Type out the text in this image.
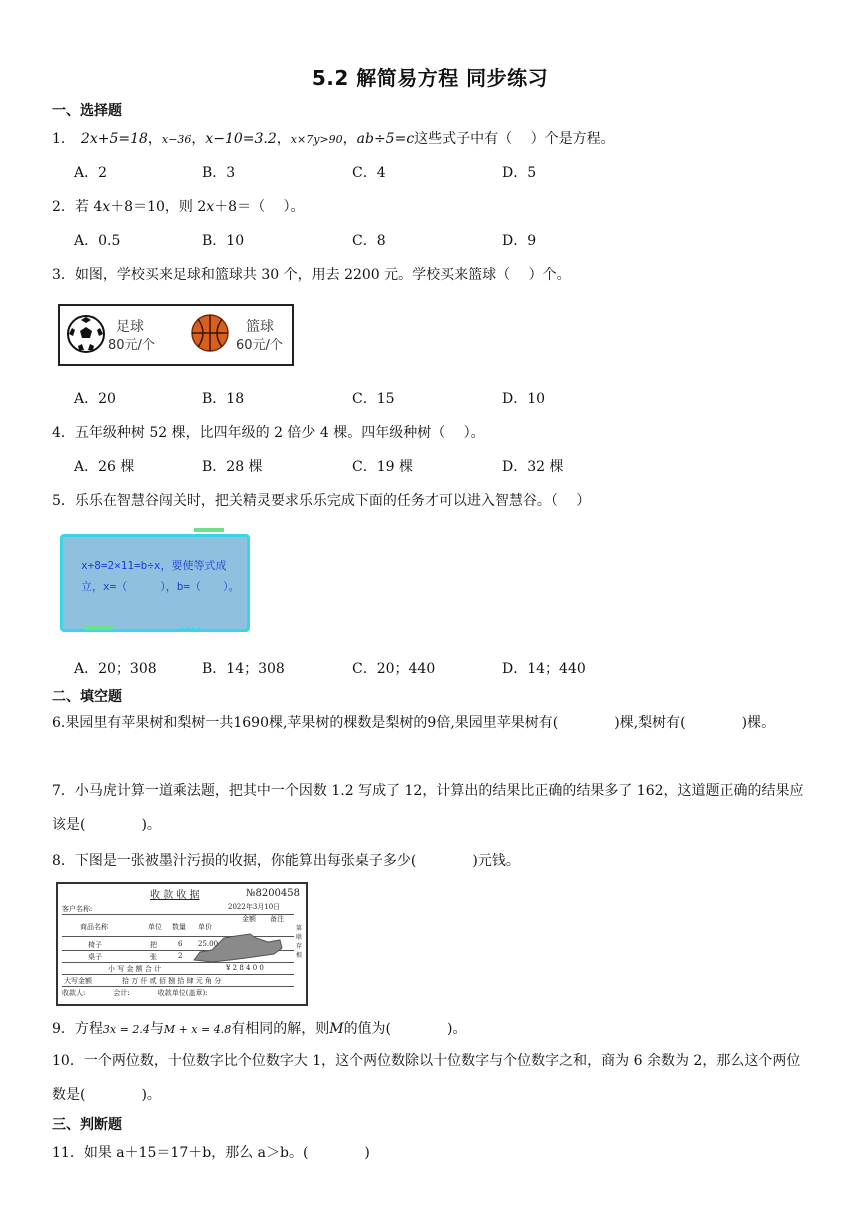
5.2 解简易方程 同步练习
一、选择题
1． 2x+5=18，x−36，x−10=3.2，x×7y>90，ab÷5=c这些式子中有（　 ）个是方程。
A．2	B．3	C．4	D．5
2．若 4x＋8＝10，则 2x＋8＝（　 ）。
A．0.5	B．10	C．8	D．9
3．如图，学校买来足球和篮球共 30 个，用去 2200 元。学校买来篮球（　 ）个。
足球
80元/个
篮球
60元/个
A．20	B．18	C．15	D．10
4．五年级种树 52 棵，比四年级的 2 倍少 4 棵。四年级种树（　 ）。
A．26 棵	B．28 棵	C．19 棵	D．32 棵
5．乐乐在智慧谷闯关时，把关精灵要求乐乐完成下面的任务才可以进入智慧谷。（　 ）
x+8=2×11=b÷x，要使等式成立，x=（　　　），b=（　　）。
A．20；308	B．14；308	C．20；440	D．14；440
二、填空题
6.果园里有苹果树和梨树一共1690棵,苹果树的棵数是梨树的9倍,果园里苹果树有(　　　　)棵,梨树有(　　　　)棵。
7．小马虎计算一道乘法题，把其中一个因数 1.2 写成了 12，计算出的结果比正确的结果多了 162，这道题正确的结果应该是(　　　　)。
8．下图是一张被墨汁污损的收据，你能算出每张桌子多少(　　　　)元钱。
收 款 收 据	№8200458
2022年3月10日
客户名称:
商品名称	单位 数量 单价
金额 备注
椅子	把	6 25.00
桌子	张	2
小 写 金 额 合 计	¥ 2 8 4 0 0
大写金额	拾 万 仟 贰 佰 捌 拾 肆 元 角 分
收款人:　　　　会计:　　　　收款单位(盖章):
第 联 存 根
9．方程3x = 2.4与M + x = 4.8有相同的解，则M的值为(　　　　)。
10．一个两位数，十位数字比个位数字大 1，这个两位数除以十位数字与个位数字之和，商为 6 余数为 2，那么这个两位数是(　　　　)。
三、判断题
11．如果 a＋15＝17＋b，那么 a＞b。(　　　　)
